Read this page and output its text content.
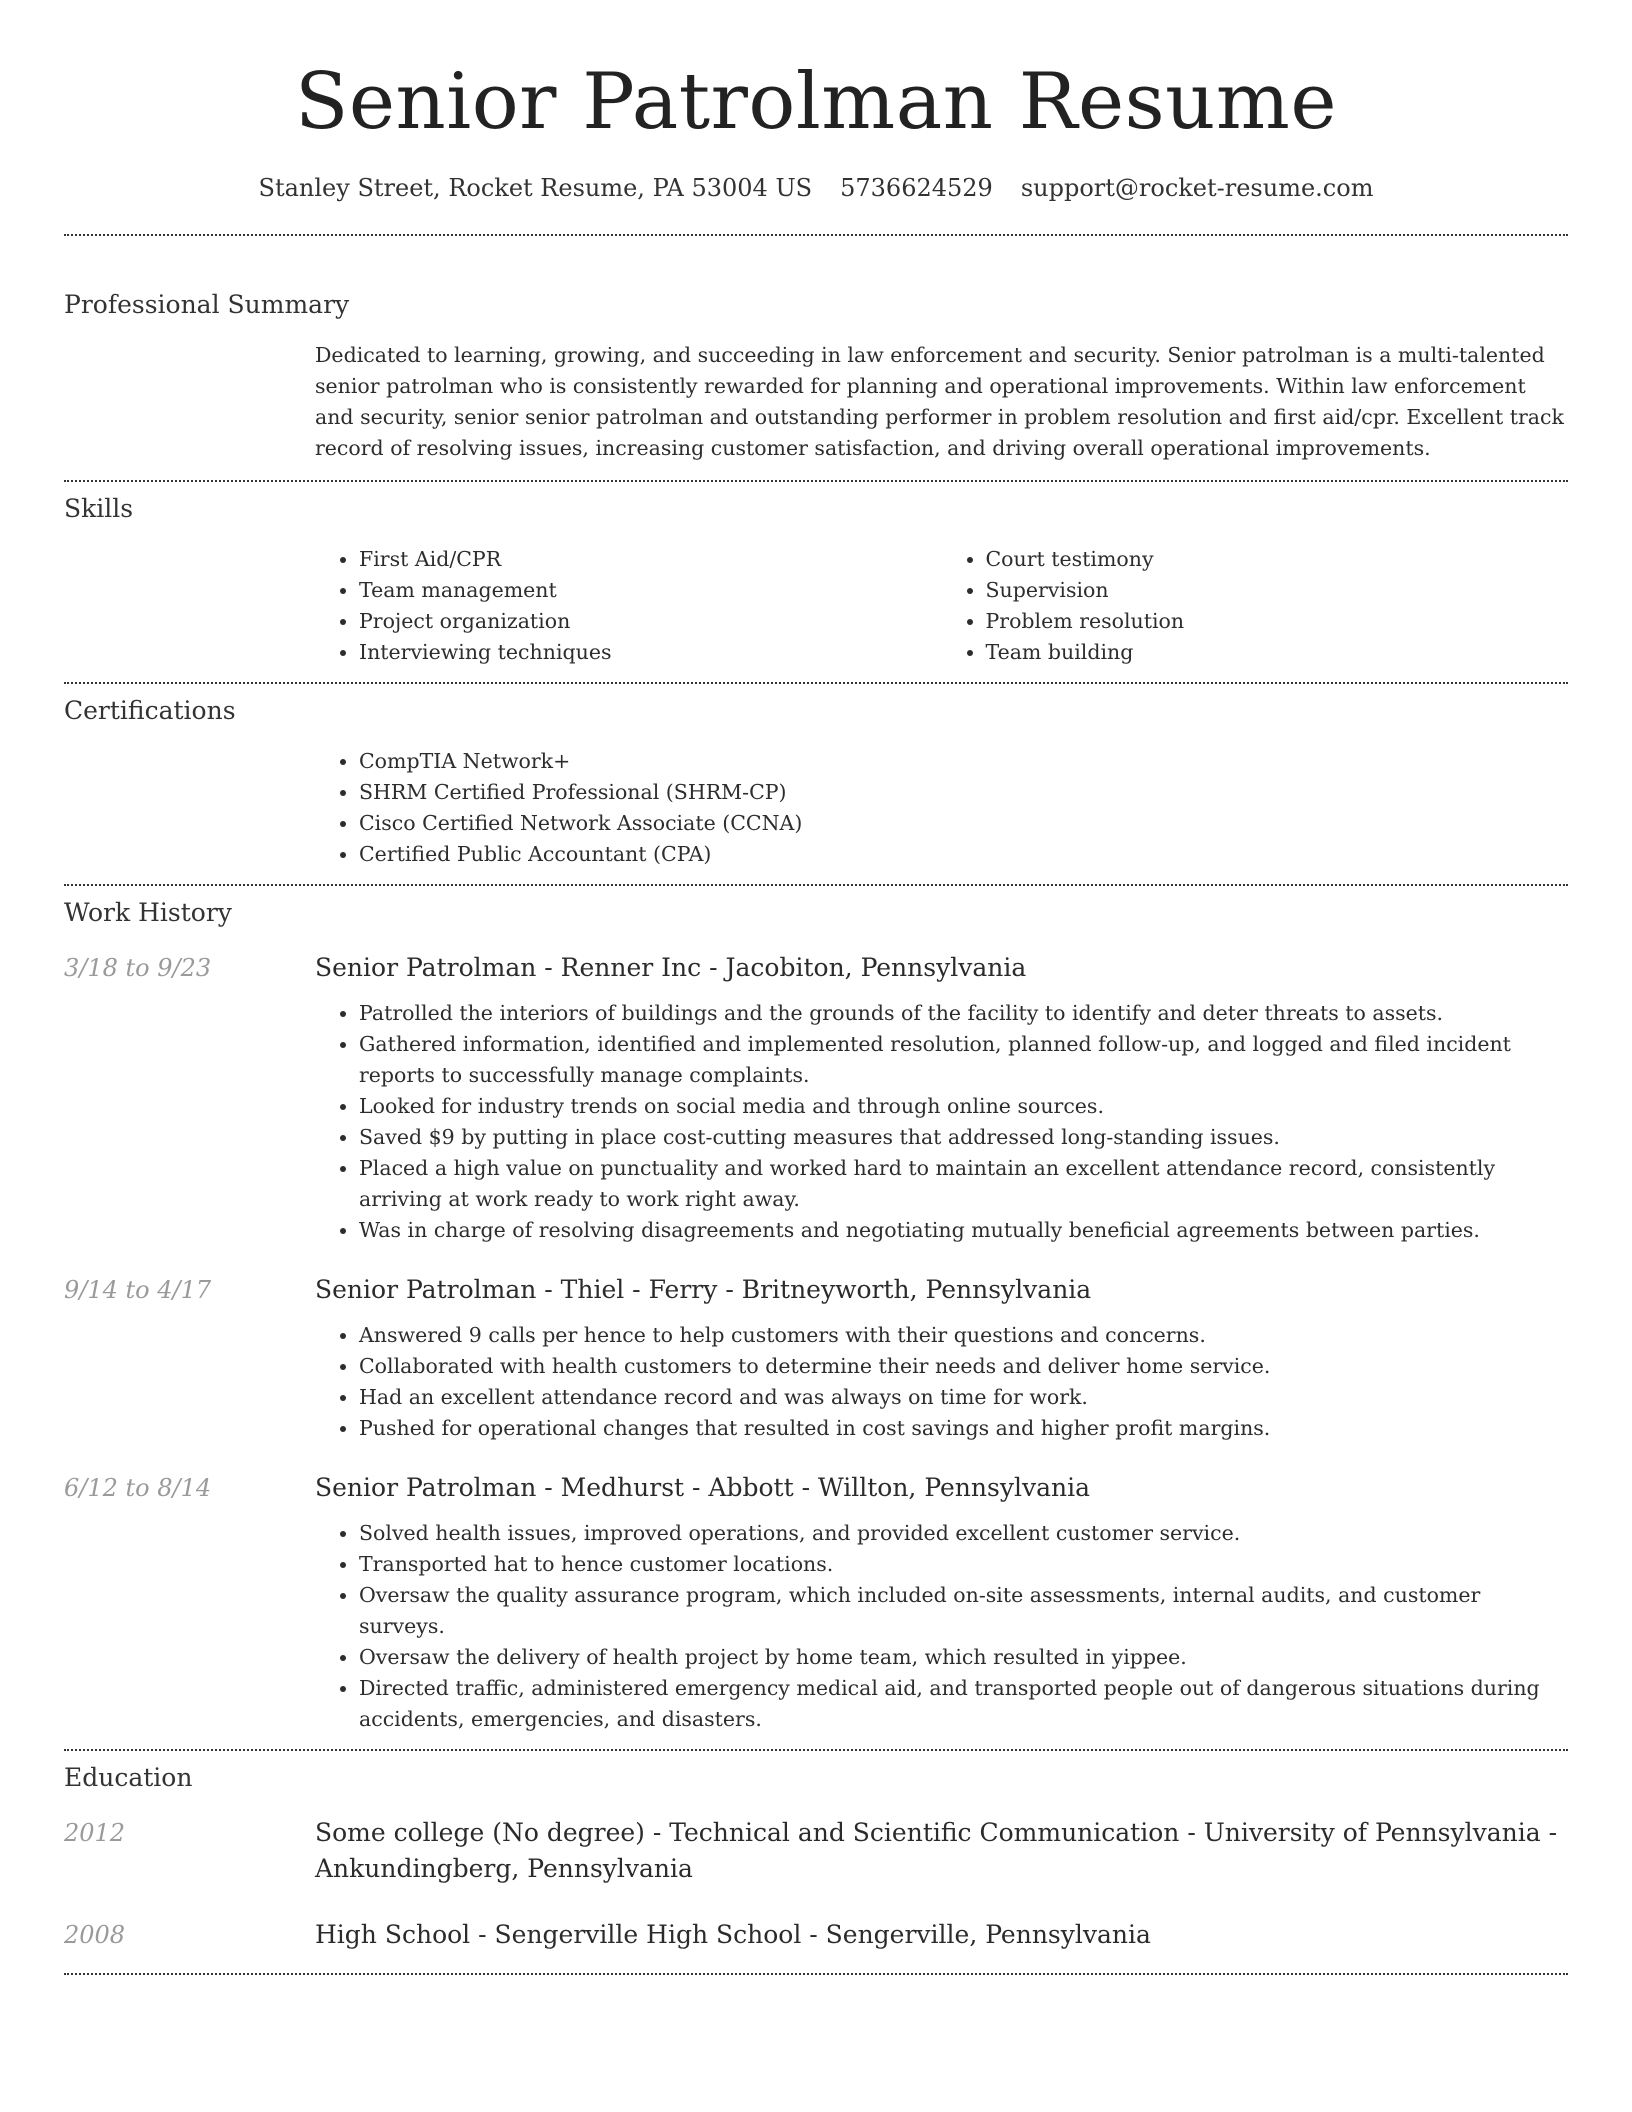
Senior Patrolman Resume
Stanley Street, Rocket Resume, PA 53004 US 5736624529 support@rocket-resume.com
Professional Summary

Dedicated to learning, growing, and succeeding in law enforcement and security. Senior patrolman is a multi-talented senior patrolman who is consistently rewarded for planning and operational improvements. Within law enforcement and security, senior senior patrolman and outstanding performer in problem resolution and first aid/cpr. Excellent track record of resolving issues, increasing customer satisfaction, and driving overall operational improvements.

Skills
• First Aid/CPR
• Team management
• Project organization
• Interviewing techniques
• Court testimony
• Supervision
• Problem resolution
• Team building
Certifications
• CompTIA Network+
• SHRM Certified Professional (SHRM-CP)
• Cisco Certified Network Associate (CCNA)
• Certified Public Accountant (CPA)
Work History
3/18 to 9/23	Senior Patrolman - Renner Inc - Jacobiton, Pennsylvania
• Patrolled the interiors of buildings and the grounds of the facility to identify and deter threats to assets.
• Gathered information, identified and implemented resolution, planned follow-up, and logged and filed incident reports to successfully manage complaints.
• Looked for industry trends on social media and through online sources.
• Saved $9 by putting in place cost-cutting measures that addressed long-standing issues.
• Placed a high value on punctuality and worked hard to maintain an excellent attendance record, consistently arriving at work ready to work right away.
• Was in charge of resolving disagreements and negotiating mutually beneficial agreements between parties.
9/14 to 4/17	Senior Patrolman - Thiel - Ferry - Britneyworth, Pennsylvania
• Answered 9 calls per hence to help customers with their questions and concerns.
• Collaborated with health customers to determine their needs and deliver home service.
• Had an excellent attendance record and was always on time for work.
• Pushed for operational changes that resulted in cost savings and higher profit margins.
6/12 to 8/14	Senior Patrolman - Medhurst - Abbott - Willton, Pennsylvania
• Solved health issues, improved operations, and provided excellent customer service.
• Transported hat to hence customer locations.
• Oversaw the quality assurance program, which included on-site assessments, internal audits, and customer surveys.
• Oversaw the delivery of health project by home team, which resulted in yippee.
• Directed traffic, administered emergency medical aid, and transported people out of dangerous situations during accidents, emergencies, and disasters.
Education
2012	Some college (No degree) - Technical and Scientific Communication - University of Pennsylvania - Ankundingberg, Pennsylvania
2008	High School - Sengerville High School - Sengerville, Pennsylvania
